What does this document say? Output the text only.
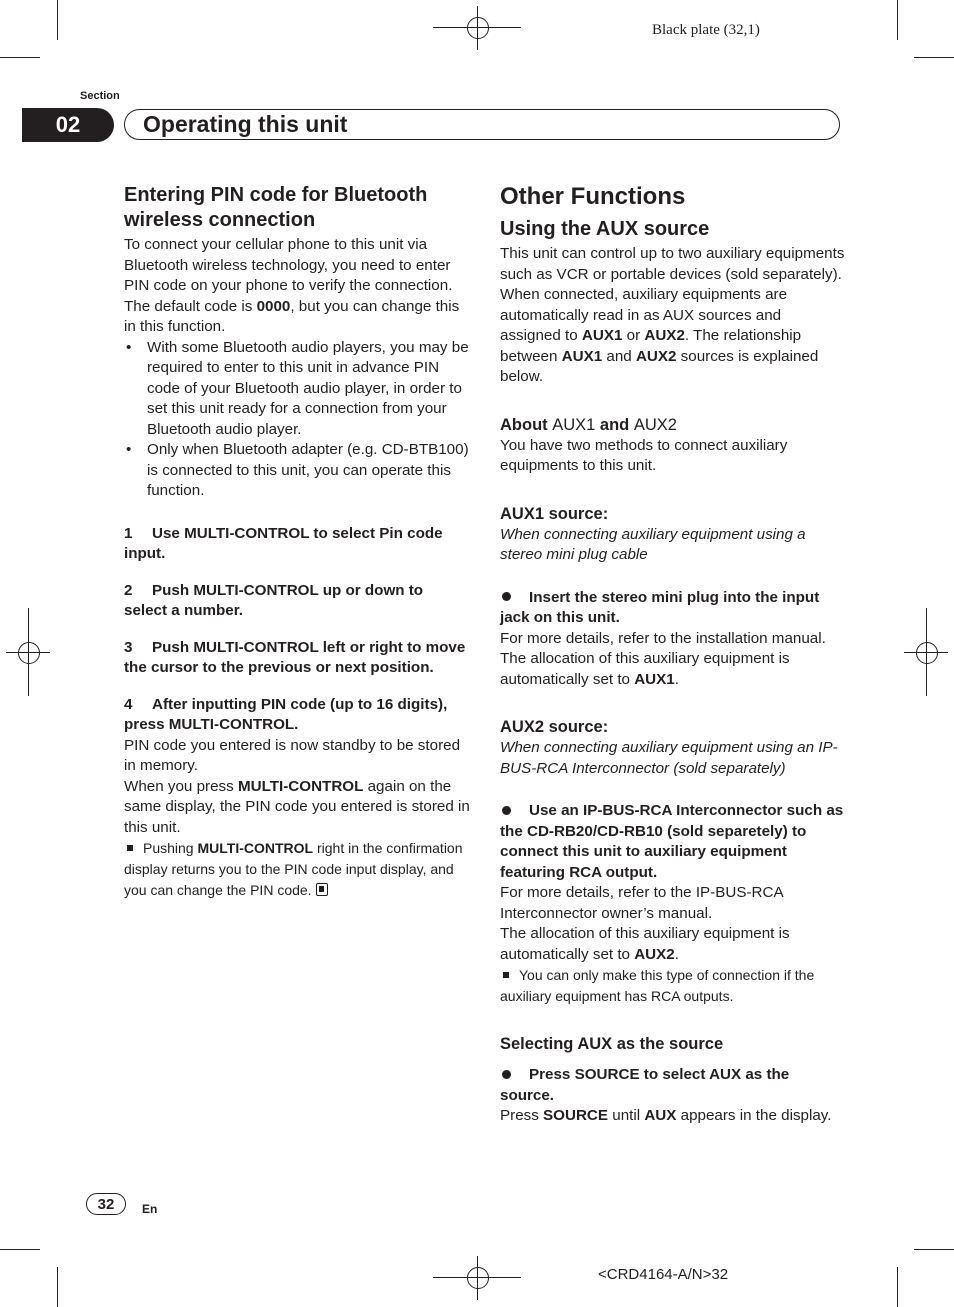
Black plate (32,1)
Section
02	Operating this unit
Entering PIN code for Bluetooth wireless connection

To connect your cellular phone to this unit via Bluetooth wireless technology, you need to enter PIN code on your phone to verify the connection. The default code is 0000, but you can change this in this function.

• With some Bluetooth audio players, you may be required to enter to this unit in advance PIN code of your Bluetooth audio player, in order to set this unit ready for a connection from your Bluetooth audio player.
• Only when Bluetooth adapter (e.g. CD-BTB100) is connected to this unit, you can operate this function.

1 Use MULTI-CONTROL to select Pin code input.

2 Push MULTI-CONTROL up or down to select a number.

3 Push MULTI-CONTROL left or right to move the cursor to the previous or next position.

4 After inputting PIN code (up to 16 digits), press MULTI-CONTROL.

PIN code you entered is now standby to be stored in memory.

When you press MULTI-CONTROL again on the same display, the PIN code you entered is stored in this unit.

Pushing MULTI-CONTROL right in the confirmation display returns you to the PIN code input display, and you can change the PIN code.

Other Functions
Using the AUX source

This unit can control up to two auxiliary equipments such as VCR or portable devices (sold separately). When connected, auxiliary equipments are automatically read in as AUX sources and assigned to AUX1 or AUX2. The relationship between AUX1 and AUX2 sources is explained below.

About AUX1 and AUX2

You have two methods to connect auxiliary equipments to this unit.

AUX1 source:

When connecting auxiliary equipment using a stereo mini plug cable

Insert the stereo mini plug into the input jack on this unit.

For more details, refer to the installation manual.

The allocation of this auxiliary equipment is automatically set to AUX1.

AUX2 source:

When connecting auxiliary equipment using an IP-BUS-RCA Interconnector (sold separately)

Use an IP-BUS-RCA Interconnector such as the CD-RB20/CD-RB10 (sold separetely) to connect this unit to auxiliary equipment featuring RCA output.

For more details, refer to the IP-BUS-RCA Interconnector owner’s manual.

The allocation of this auxiliary equipment is automatically set to AUX2.

You can only make this type of connection if the auxiliary equipment has RCA outputs.

Selecting AUX as the source

Press SOURCE to select AUX as the source.

Press SOURCE until AUX appears in the display.

32	En
<CRD4164-A/N>32
